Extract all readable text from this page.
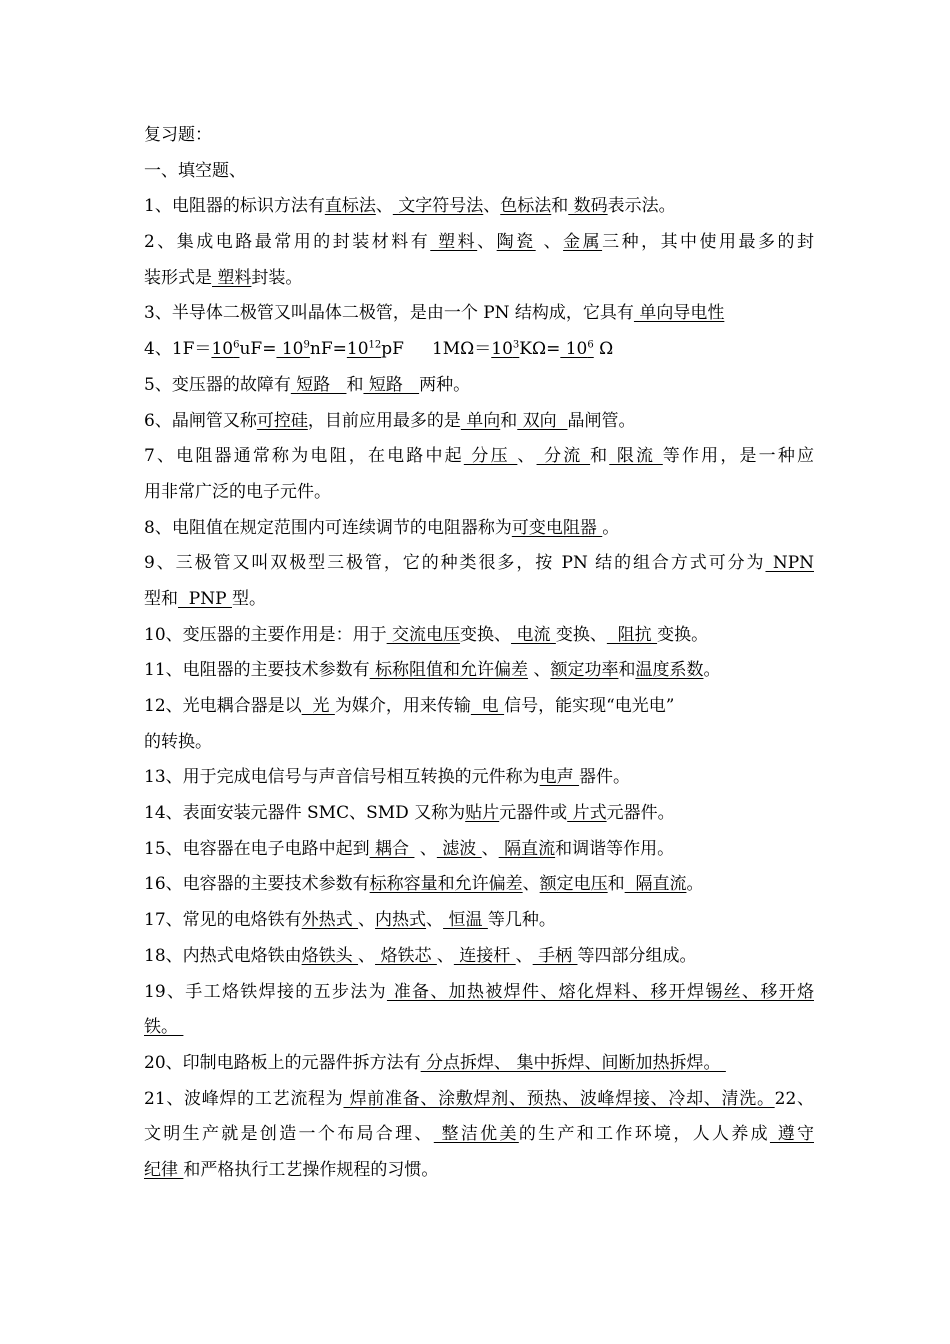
复习题：
一、填空题、
1、电阻器的标识方法有直标法、 文字符号法、色标法和 数码表示法。
2、集成电路最常用的封装材料有 塑料、陶瓷 、金属三种，其中使用最多的封
装形式是 塑料封装。
3、半导体二极管又叫晶体二极管，是由一个 PN 结构成，它具有 单向导电性
4、$1F=10^6uF= 10^9nF=10^{12}pF$ $1M\Omega=10^3K\Omega= 10^6$ Ω
5、变压器的故障有 短路   和 短路   两种。
6、晶闸管又称可控硅，目前应用最多的是 单向和 双向  晶闸管。
7、电阻器通常称为电阻，在电路中起 分压 、 分流 和 限流 等作用，是一种应
用非常广泛的电子元件。
8、电阻值在规定范围内可连续调节的电阻器称为可变电阻器 。
9、三极管又叫双极型三极管，它的种类很多，按 PN 结的组合方式可分为 NPN
型和  PNP 型。
10、变压器的主要作用是：用于 交流电压变换、 电流 变换、  阻抗 变换。
11、电阻器的主要技术参数有 标称阻值和允许偏差 、额定功率和温度系数。
12、光电耦合器是以  光 为媒介，用来传输  电 信号，能实现“电光电”
的转换。
13、用于完成电信号与声音信号相互转换的元件称为电声 器件。
14、表面安装元器件 SMC、SMD 又称为贴片元器件或 片式元器件。
15、电容器在电子电路中起到 耦合  、 滤波 、 隔直流和调谐等作用。
16、电容器的主要技术参数有标称容量和允许偏差、额定电压和  隔直流。
17、常见的电烙铁有外热式 、内热式、 恒温 等几种。
18、内热式电烙铁由烙铁头 、 烙铁芯 、 连接杆 、 手柄 等四部分组成。
19、手工烙铁焊接的五步法为 准备、加热被焊件、熔化焊料、移开焊锡丝、移开烙
铁。
20、印制电路板上的元器件拆方法有 分点拆焊、 集中拆焊、间断加热拆焊。
21、波峰焊的工艺流程为 焊前准备、涂敷焊剂、预热、波峰焊接、冷却、清洗。22、
文明生产就是创造一个布局合理、 整洁优美的生产和工作环境，人人养成 遵守
纪律 和严格执行工艺操作规程的习惯。
